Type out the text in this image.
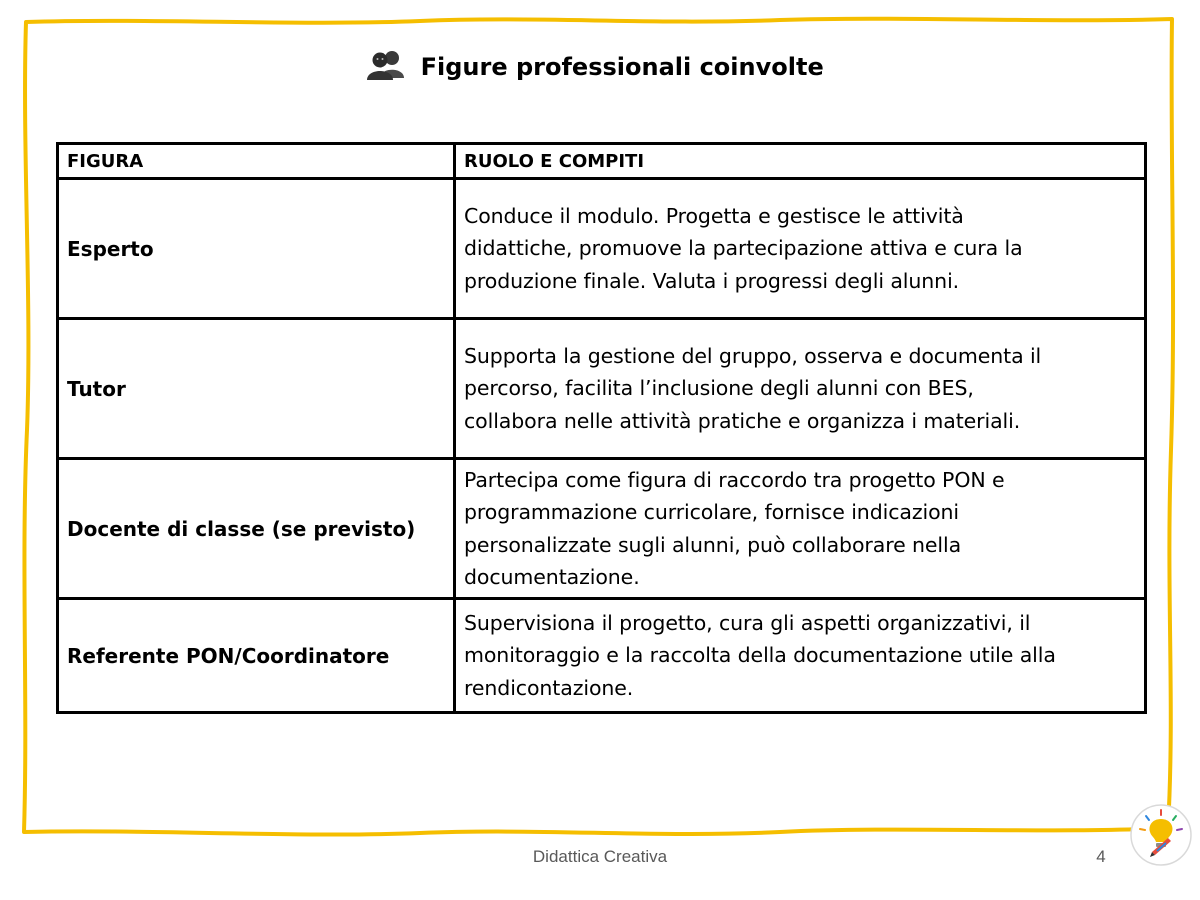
Figure professionali coinvolte
FIGURA	RUOLO E COMPITI
Esperto	Conduce il modulo. Progetta e gestisce le attività
didattiche, promuove la partecipazione attiva e cura la
produzione finale. Valuta i progressi degli alunni.

Tutor	Supporta la gestione del gruppo, osserva e documenta il
percorso, facilita l’inclusione degli alunni con BES,
collabora nelle attività pratiche e organizza i materiali.

Docente di classe (se previsto)	Partecipa come figura di raccordo tra progetto PON e
programmazione curricolare, fornisce indicazioni
personalizzate sugli alunni, può collaborare nella
documentazione.

Referente PON/Coordinatore	Supervisiona il progetto, cura gli aspetti organizzativi, il
monitoraggio e la raccolta della documentazione utile alla
rendicontazione.
Didattica Creativa	4
